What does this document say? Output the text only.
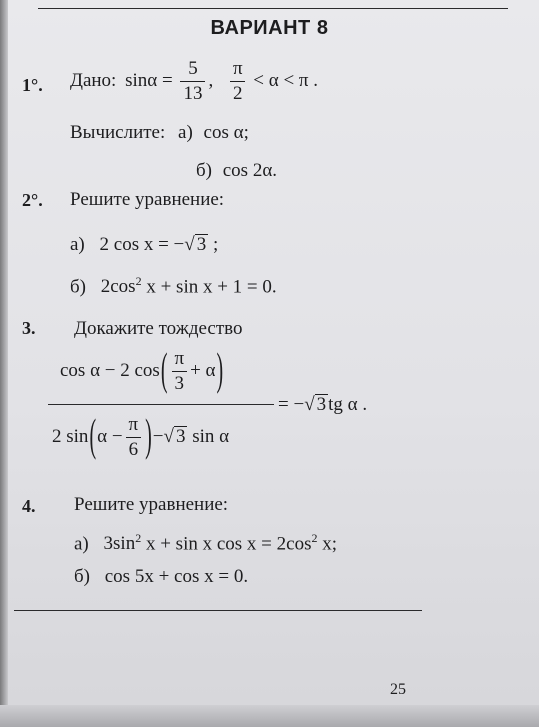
ВАРИАНТ 8
1°. Дано: $\sin\alpha = \frac{5}{13}$ , $\frac{\pi}{2} < \alpha < \pi$ .
Вычислите: а) cos α;
б) cos 2α.
2°. Решите уравнение:
а) 2 cos x = −√ 3 ;
б) $2\cos^2$ x + sin x + 1 = 0.
3. Докажите тождество
cos α − 2 $\cos( \frac{\pi}{3} + \alpha)$
= −√ 3 tg α .
2 $\sin(\alpha - \frac{\pi}{6}$ )−√ 3 sin α
4. Решите уравнение:
а) $3\sin^2$ x + sin x $\cos x = 2\cos^2$ x;
б) cos 5x + cos x = 0.
25
